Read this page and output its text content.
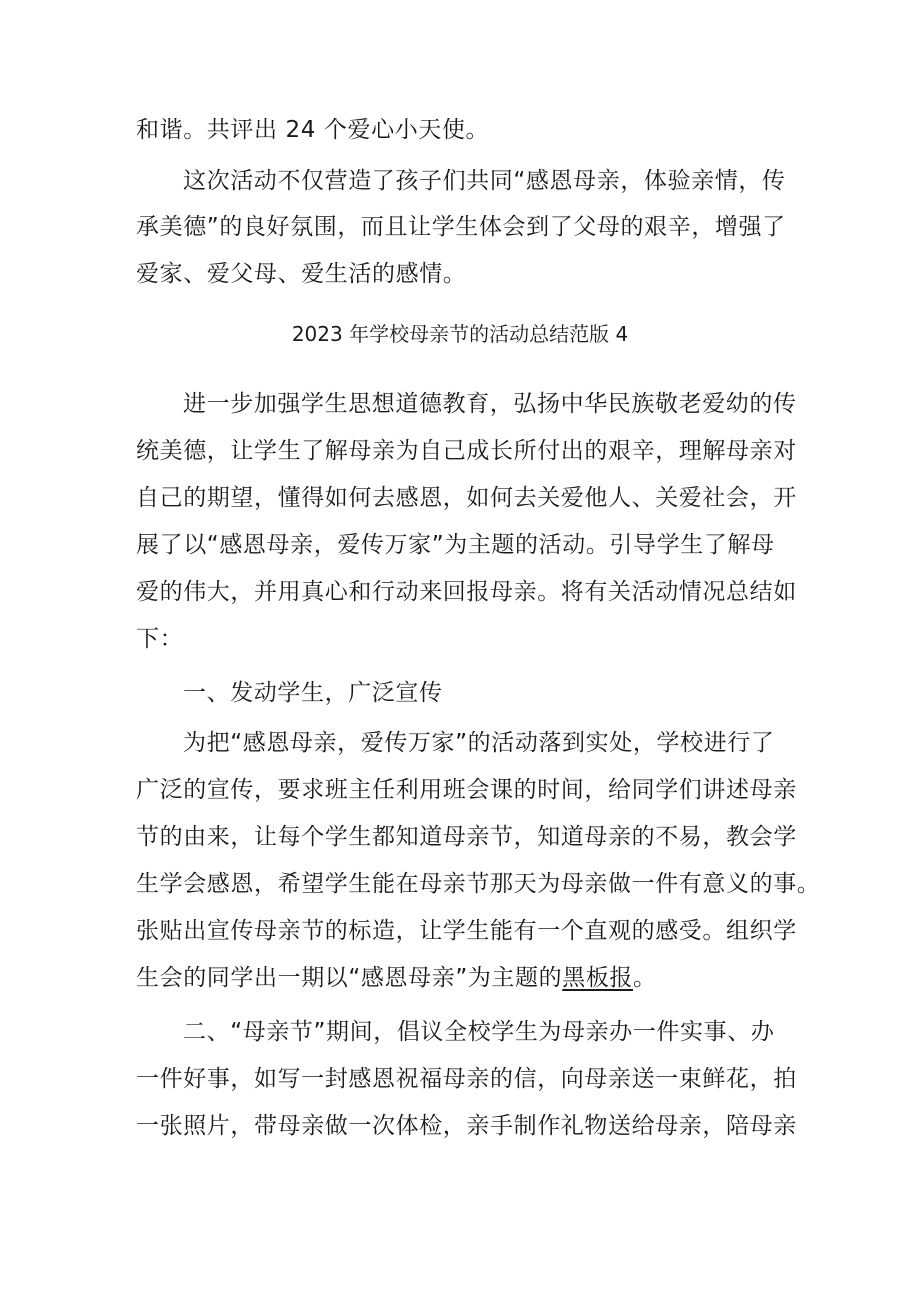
和谐。共评出 24 个爱心小天使。
这次活动不仅营造了孩子们共同“感恩母亲，体验亲情，传
承美德”的良好氛围，而且让学生体会到了父母的艰辛，增强了
爱家、爱父母、爱生活的感情。
2023 年学校母亲节的活动总结范版 4
进一步加强学生思想道德教育，弘扬中华民族敬老爱幼的传
统美德，让学生了解母亲为自己成长所付出的艰辛，理解母亲对
自己的期望，懂得如何去感恩，如何去关爱他人、关爱社会，开
展了以“感恩母亲，爱传万家”为主题的活动。引导学生了解母
爱的伟大，并用真心和行动来回报母亲。将有关活动情况总结如
下：
一、发动学生，广泛宣传
为把“感恩母亲，爱传万家”的活动落到实处，学校进行了
广泛的宣传，要求班主任利用班会课的时间，给同学们讲述母亲
节的由来，让每个学生都知道母亲节，知道母亲的不易，教会学
生学会感恩，希望学生能在母亲节那天为母亲做一件有意义的事。
张贴出宣传母亲节的标造，让学生能有一个直观的感受。组织学
生会的同学出一期以“感恩母亲”为主题的黑板报。
二、“母亲节”期间，倡议全校学生为母亲办一件实事、办
一件好事，如写一封感恩祝福母亲的信，向母亲送一束鲜花，拍
一张照片，带母亲做一次体检，亲手制作礼物送给母亲，陪母亲
